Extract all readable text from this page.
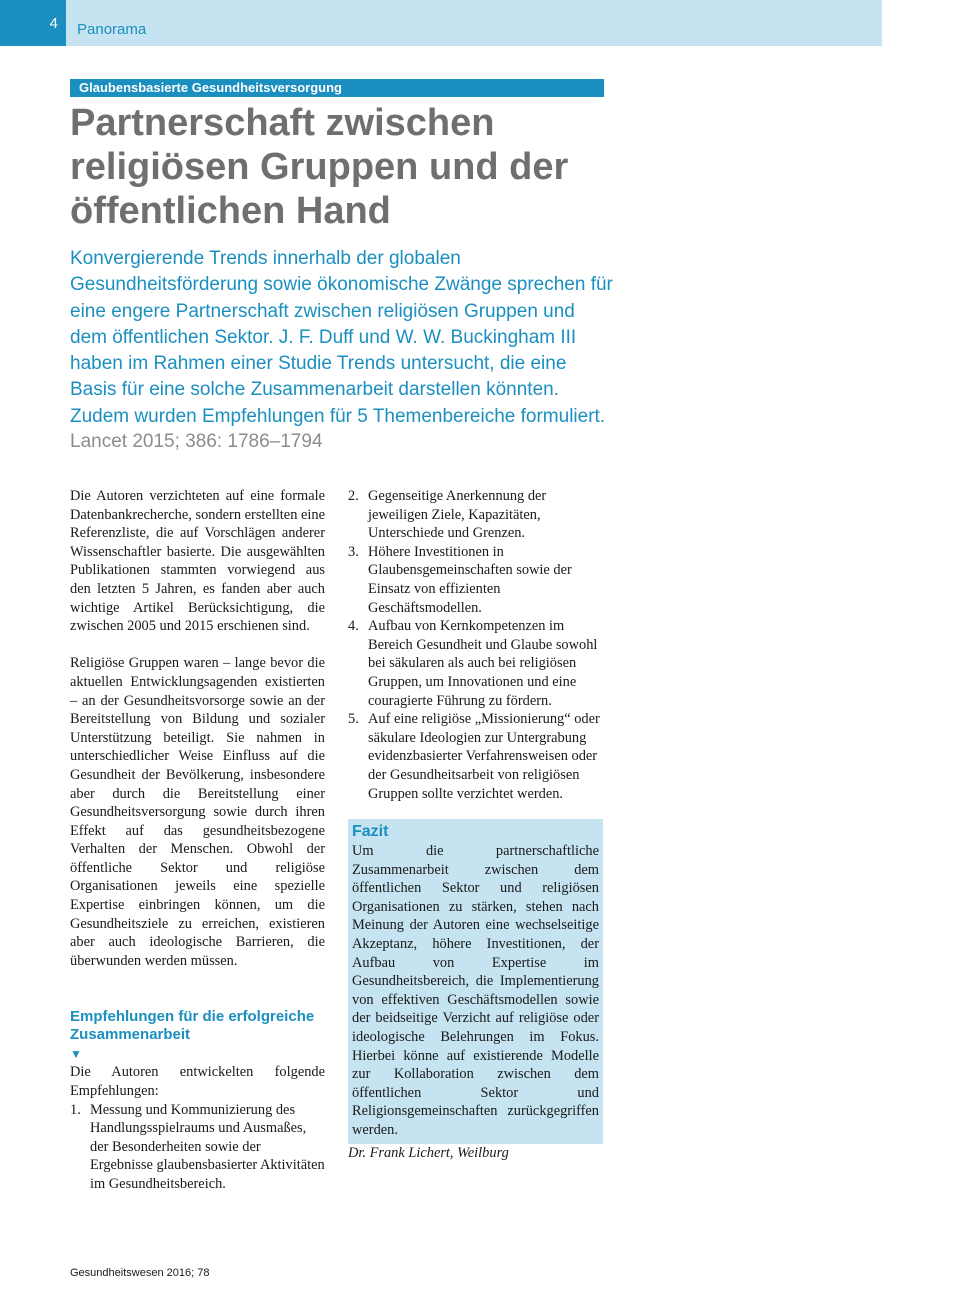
4	Panorama
Glaubensbasierte Gesundheitsversorgung
Partnerschaft zwischen religiösen Gruppen und der öffentlichen Hand

Konvergierende Trends innerhalb der globalen Gesundheitsförderung sowie ökonomische Zwänge sprechen für eine engere Partnerschaft zwischen religiösen Gruppen und dem öffentlichen Sektor. J. F. Duff und W. W. Buckingham III haben im Rahmen einer Studie Trends untersucht, die eine Basis für eine solche Zusammenarbeit darstellen könnten. Zudem wurden Empfehlungen für 5 Themenbereiche formuliert.

Lancet 2015; 386: 1786–1794

Die Autoren verzichteten auf eine formale Datenbankrecherche, sondern erstellten eine Referenzliste, die auf Vorschlägen anderer Wissenschaftler basierte. Die ausgewählten Publikationen stammten vorwiegend aus den letzten 5 Jahren, es fanden aber auch wichtige Artikel Berücksichtigung, die zwischen 2005 und 2015 erschienen sind.

Religiöse Gruppen waren – lange bevor die aktuellen Entwicklungsagenden existierten – an der Gesundheitsvorsorge sowie an der Bereitstellung von Bildung und sozialer Unterstützung beteiligt. Sie nahmen in unterschiedlicher Weise Einfluss auf die Gesundheit der Bevölkerung, insbesondere aber durch die Bereitstellung einer Gesundheitsversorgung sowie durch ihren Effekt auf das gesundheitsbezogene Verhalten der Menschen. Obwohl der öffentliche Sektor und religiöse Organisationen jeweils eine spezielle Expertise einbringen können, um die Gesundheitsziele zu erreichen, existieren aber auch ideologische Barrieren, die überwunden werden müssen.

Empfehlungen für die erfolgreiche Zusammenarbeit
▼

Die Autoren entwickelten folgende Empfehlungen:

1. Messung und Kommunizierung des Handlungsspielraums und Ausmaßes, der Besonderheiten sowie der Ergebnisse glaubensbasierter Aktivitäten im Gesundheitsbereich.
2. Gegenseitige Anerkennung der jeweiligen Ziele, Kapazitäten, Unterschiede und Grenzen.
3. Höhere Investitionen in Glaubensgemeinschaften sowie der Einsatz von effizienten Geschäftsmodellen.
4. Aufbau von Kernkompetenzen im Bereich Gesundheit und Glaube sowohl bei säkularen als auch bei religiösen Gruppen, um Innovationen und eine couragierte Führung zu fördern.
5. Auf eine religiöse „Missionierung“ oder säkulare Ideologien zur Untergrabung evidenzbasierter Verfahrensweisen oder der Gesundheitsarbeit von religiösen Gruppen sollte verzichtet werden.
Fazit

Um die partnerschaftliche Zusammenarbeit zwischen dem öffentlichen Sektor und religiösen Organisationen zu stärken, stehen nach Meinung der Autoren eine wechselseitige Akzeptanz, höhere Investitionen, der Aufbau von Expertise im Gesundheitsbereich, die Implementierung von effektiven Geschäftsmodellen sowie der beidseitige Verzicht auf religiöse oder ideologische Belehrungen im Fokus. Hierbei könne auf existierende Modelle zur Kollaboration zwischen dem öffentlichen Sektor und Religionsgemeinschaften zurückgegriffen werden.

Dr. Frank Lichert, Weilburg

Gesundheitswesen 2016; 78
